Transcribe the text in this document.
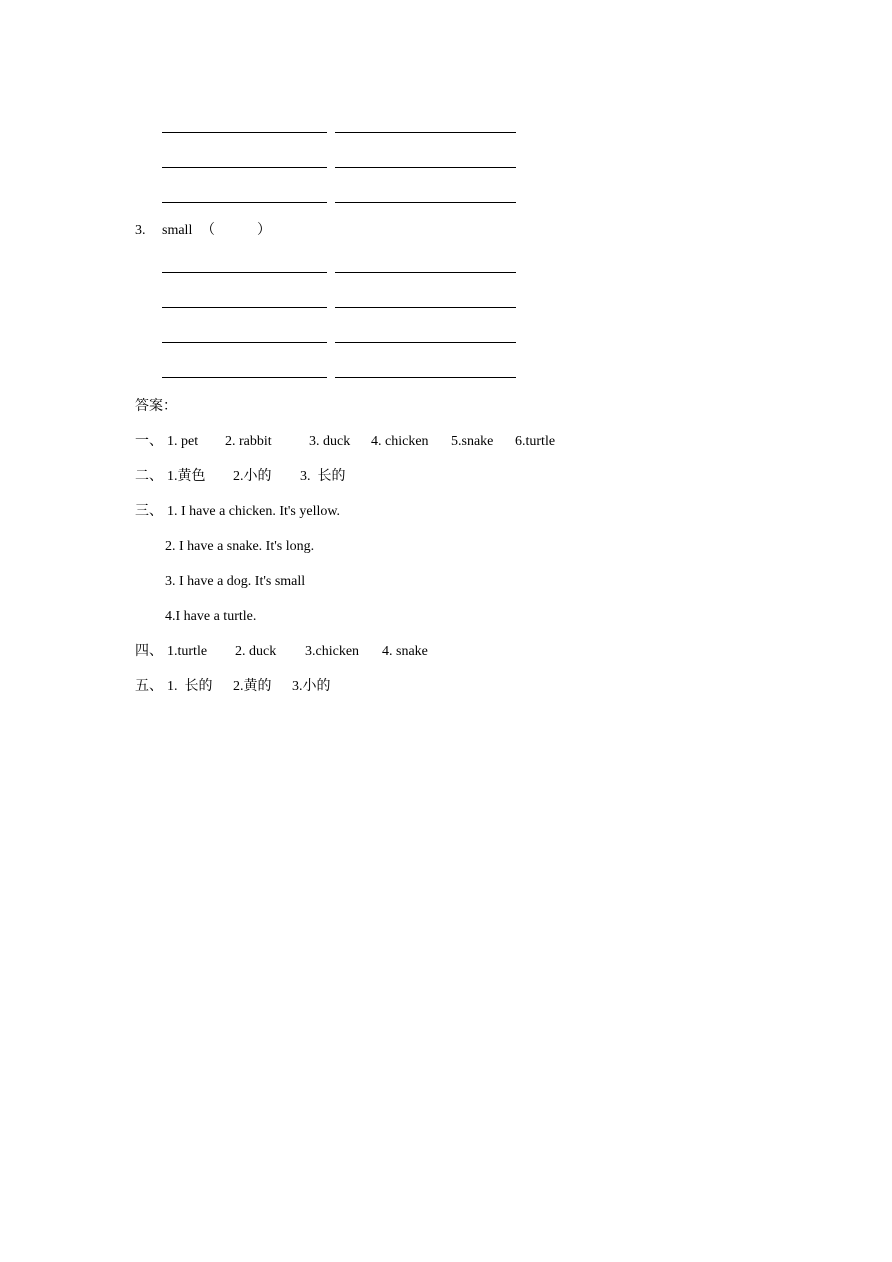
3. small （            ）
答案：
一、 1. pet 2. rabbit	3. duck 4. chicken 5.snake 6.turtle
二、 1.黄色 2.小的 3.  长的
三、 1. I have a chicken. It's yellow.
2. I have a snake. It's long.
3. I have a dog. It's small
4.I have a turtle.
四、 1.turtle 2. duck 3.chicken 4. snake
五、 1.  长的 2.黄的 3.小的
